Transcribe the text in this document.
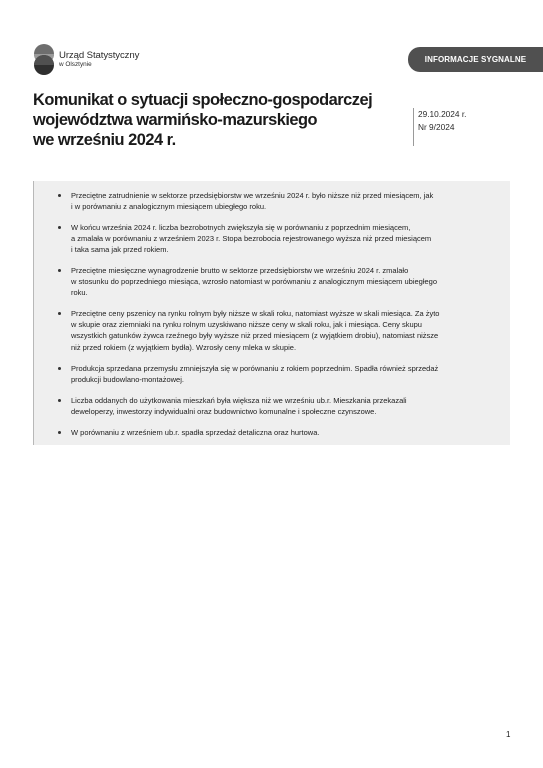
Urząd Statystyczny
w Olsztynie
INFORMACJE SYGNALNE
Komunikat o sytuacji społeczno-gospodarczej
województwa warmińsko-mazurskiego
we wrześniu 2024 r.
29.10.2024 r.
Nr 9/2024
Przeciętne zatrudnienie w sektorze przedsiębiorstw we wrześniu 2024 r. było niższe niż przed miesiącem, jak
i w porównaniu z analogicznym miesiącem ubiegłego roku.
W końcu września 2024 r. liczba bezrobotnych zwiększyła się w porównaniu z poprzednim miesiącem,
a zmalała w porównaniu z wrześniem 2023 r. Stopa bezrobocia rejestrowanego wyższa niż przed miesiącem
i taka sama jak przed rokiem.
Przeciętne miesięczne wynagrodzenie brutto w sektorze przedsiębiorstw we wrześniu 2024 r. zmalało
w stosunku do poprzedniego miesiąca, wzrosło natomiast w porównaniu z analogicznym miesiącem ubiegłego
roku.
Przeciętne ceny pszenicy na rynku rolnym były niższe w skali roku, natomiast wyższe w skali miesiąca. Za żyto
w skupie oraz ziemniaki na rynku rolnym uzyskiwano niższe ceny w skali roku, jak i miesiąca. Ceny skupu
wszystkich gatunków żywca rzeźnego były wyższe niż przed miesiącem (z wyjątkiem drobiu), natomiast niższe
niż przed rokiem (z wyjątkiem bydła). Wzrosły ceny mleka w skupie.
Produkcja sprzedana przemysłu zmniejszyła się w porównaniu z rokiem poprzednim. Spadła również sprzedaż
produkcji budowlano-montażowej.
Liczba oddanych do użytkowania mieszkań była większa niż we wrześniu ub.r. Mieszkania przekazali
deweloperzy, inwestorzy indywidualni oraz budownictwo komunalne i społeczne czynszowe.
W porównaniu z wrześniem ub.r. spadła sprzedaż detaliczna oraz hurtowa.
1
